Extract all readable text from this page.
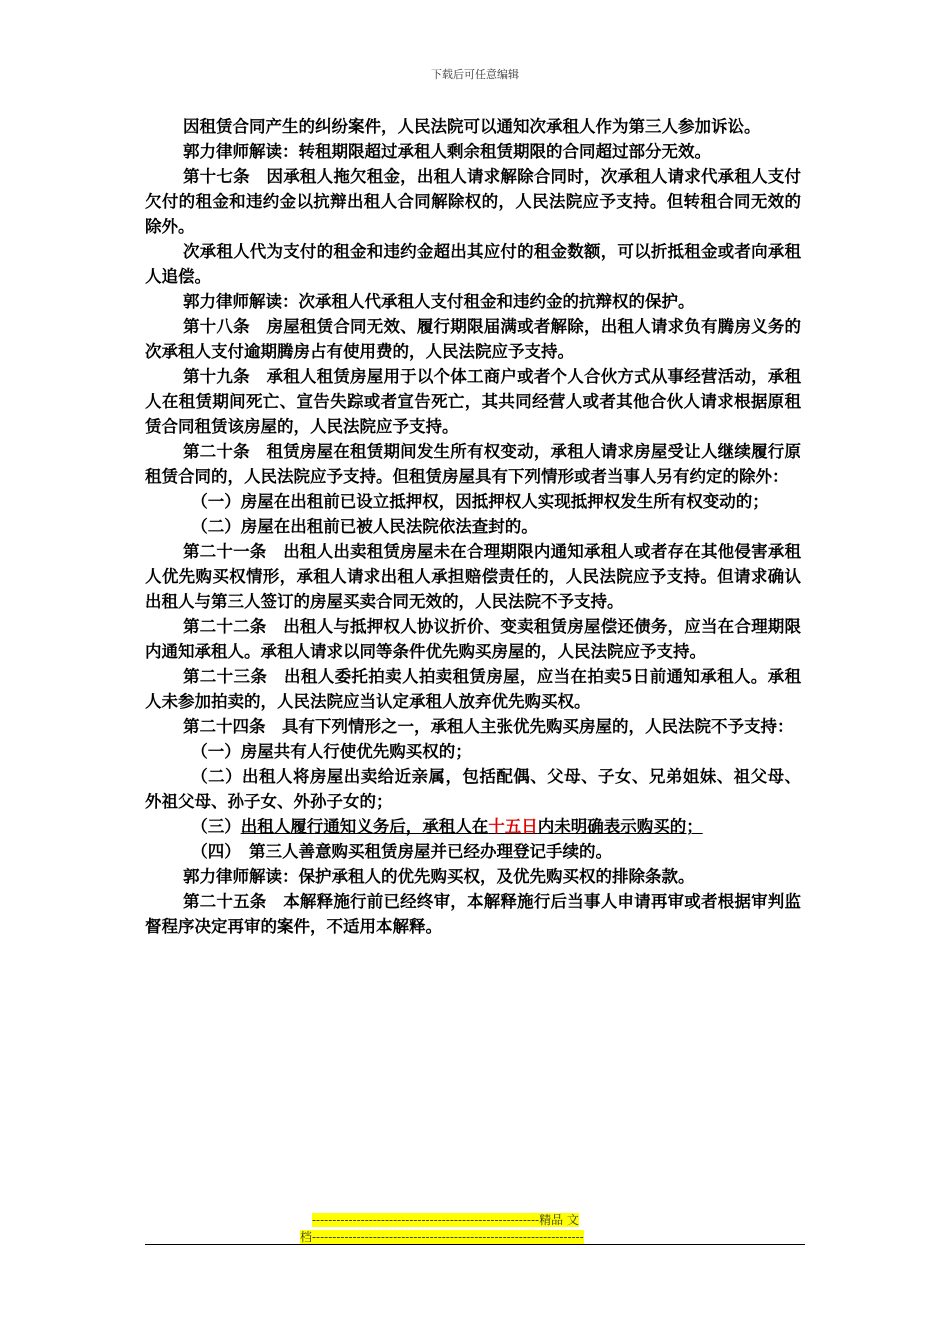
下载后可任意编辑

因租赁合同产生的纠纷案件，人民法院可以通知次承租人作为第三人参加诉讼。

郭力律师解读：转租期限超过承租人剩余租赁期限的合同超过部分无效。

第十七条　因承租人拖欠租金，出租人请求解除合同时，次承租人请求代承租人支付欠付的租金和违约金以抗辩出租人合同解除权的，人民法院应予支持。但转租合同无效的除外。

次承租人代为支付的租金和违约金超出其应付的租金数额，可以折抵租金或者向承租人追偿。

郭力律师解读：次承租人代承租人支付租金和违约金的抗辩权的保护。

第十八条　房屋租赁合同无效、履行期限届满或者解除，出租人请求负有腾房义务的次承租人支付逾期腾房占有使用费的，人民法院应予支持。

第十九条　承租人租赁房屋用于以个体工商户或者个人合伙方式从事经营活动，承租人在租赁期间死亡、宣告失踪或者宣告死亡，其共同经营人或者其他合伙人请求根据原租赁合同租赁该房屋的，人民法院应予支持。

第二十条　租赁房屋在租赁期间发生所有权变动，承租人请求房屋受让人继续履行原租赁合同的，人民法院应予支持。但租赁房屋具有下列情形或者当事人另有约定的除外：

（一）房屋在出租前已设立抵押权，因抵押权人实现抵押权发生所有权变动的；

（二）房屋在出租前已被人民法院依法查封的。

第二十一条　出租人出卖租赁房屋未在合理期限内通知承租人或者存在其他侵害承租人优先购买权情形，承租人请求出租人承担赔偿责任的，人民法院应予支持。但请求确认出租人与第三人签订的房屋买卖合同无效的，人民法院不予支持。

第二十二条　出租人与抵押权人协议折价、变卖租赁房屋偿还债务，应当在合理期限内通知承租人。承租人请求以同等条件优先购买房屋的，人民法院应予支持。

第二十三条　出租人委托拍卖人拍卖租赁房屋，应当在拍卖5日前通知承租人。承租人未参加拍卖的，人民法院应当认定承租人放弃优先购买权。

第二十四条　具有下列情形之一，承租人主张优先购买房屋的，人民法院不予支持：

（一）房屋共有人行使优先购买权的；

（二）出租人将房屋出卖给近亲属，包括配偶、父母、子女、兄弟姐妹、祖父母、外祖父母、孙子女、外孙子女的；

（三）出租人履行通知义务后，承租人在十五日内未明确表示购买的；

（四）　第三人善意购买租赁房屋并已经办理登记手续的。

郭力律师解读：保护承租人的优先购买权，及优先购买权的排除条款。

第二十五条　本解释施行前已经终审，本解释施行后当事人申请再审或者根据审判监督程序决定再审的案件，不适用本解释。

--------------------------------------------------------精品 文
档-------------------------------------------------------------------
